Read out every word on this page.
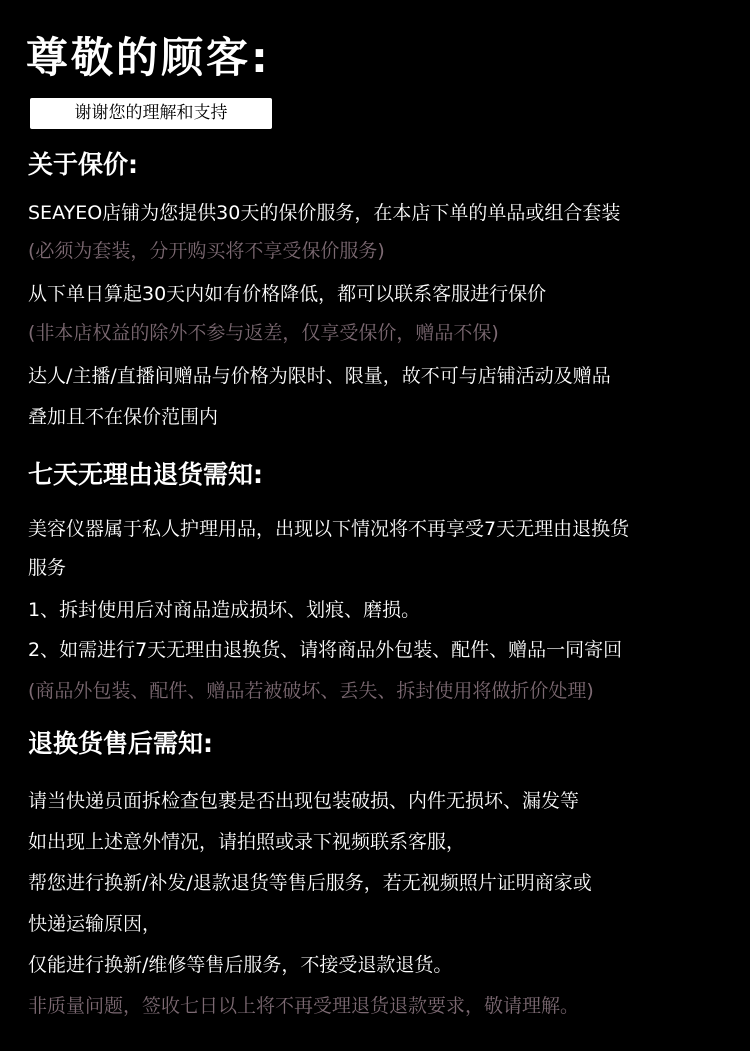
尊敬的顾客:
谢谢您的理解和支持
关于保价:

SEAYEO店铺为您提供30天的保价服务，在本店下单的单品或组合套装

(必须为套装，分开购买将不享受保价服务)

从下单日算起30天内如有价格降低，都可以联系客服进行保价

(非本店权益的除外不参与返差，仅享受保价，赠品不保)

达人/主播/直播间赠品与价格为限时、限量，故不可与店铺活动及赠品

叠加且不在保价范围内

七天无理由退货需知:

美容仪器属于私人护理用品，出现以下情况将不再享受7天无理由退换货

服务

1、拆封使用后对商品造成损坏、划痕、磨损。

2、如需进行7天无理由退换货、请将商品外包装、配件、赠品一同寄回

(商品外包装、配件、赠品若被破坏、丢失、拆封使用将做折价处理)

退换货售后需知:

请当快递员面拆检查包裹是否出现包装破损、内件无损坏、漏发等

如出现上述意外情况，请拍照或录下视频联系客服，

帮您进行换新/补发/退款退货等售后服务，若无视频照片证明商家或

快递运输原因，

仅能进行换新/维修等售后服务，不接受退款退货。

非质量问题，签收七日以上将不再受理退货退款要求，敬请理解。
